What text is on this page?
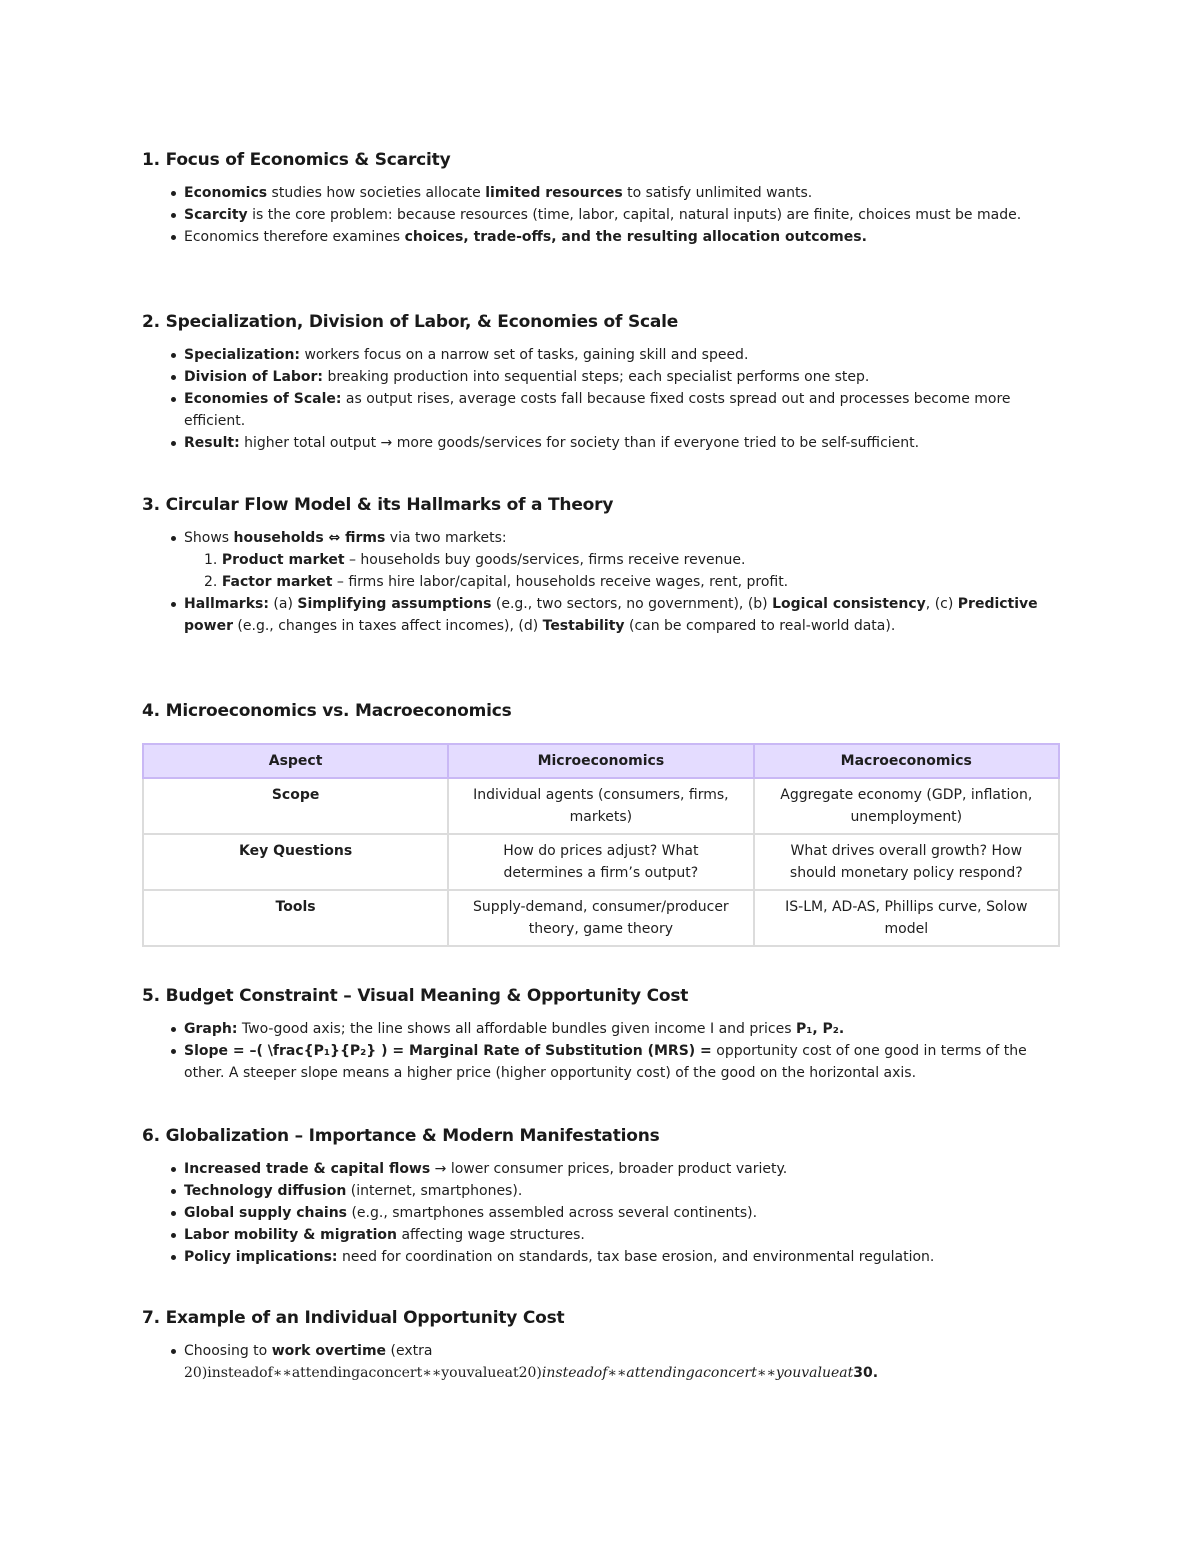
1. Focus of Economics & Scarcity
Economics studies how societies allocate limited resources to satisfy unlimited wants.
Scarcity is the core problem: because resources (time, labor, capital, natural inputs) are finite, choices must be made.
Economics therefore examines choices, trade-offs, and the resulting allocation outcomes.
2. Specialization, Division of Labor, & Economies of Scale
Specialization: workers focus on a narrow set of tasks, gaining skill and speed.
Division of Labor: breaking production into sequential steps; each specialist performs one step.
Economies of Scale: as output rises, average costs fall because fixed costs spread out and processes become more efficient.
Result: higher total output → more goods/services for society than if everyone tried to be self-sufficient.
3. Circular Flow Model & its Hallmarks of a Theory
Shows households ⇔ firms via two markets:
1. Product market – households buy goods/services, firms receive revenue.
2. Factor market – firms hire labor/capital, households receive wages, rent, profit.
Hallmarks: (a) Simplifying assumptions (e.g., two sectors, no government), (b) Logical consistency, (c) Predictive power (e.g., changes in taxes affect incomes), (d) Testability (can be compared to real-world data).
4. Microeconomics vs. Macroeconomics
Aspect	Microeconomics	Macroeconomics
Scope	Individual agents (consumers, firms, markets)	Aggregate economy (GDP, inflation, unemployment)
Key Questions	How do prices adjust? What determines a firm’s output?	What drives overall growth? How should monetary policy respond?
Tools	Supply-demand, consumer/producer theory, game theory	IS-LM, AD-AS, Phillips curve, Solow model
5. Budget Constraint – Visual Meaning & Opportunity Cost
Graph: Two-good axis; the line shows all affordable bundles given income I and prices P₁, P₂.
Slope = –( \frac{P₁}{P₂} ) = Marginal Rate of Substitution (MRS) = opportunity cost of one good in terms of the other. A steeper slope means a higher price (higher opportunity cost) of the good on the horizontal axis.
6. Globalization – Importance & Modern Manifestations
Increased trade & capital flows → lower consumer prices, broader product variety.
Technology diffusion (internet, smartphones).
Global supply chains (e.g., smartphones assembled across several continents).
Labor mobility & migration affecting wage structures.
Policy implications: need for coordination on standards, tax base erosion, and environmental regulation.
7. Example of an Individual Opportunity Cost
Choosing to work overtime (extra
20)insteadof∗∗attendingaconcert∗∗youvalueat20)insteadof∗∗attendingaconcert∗∗youvalueat30.
